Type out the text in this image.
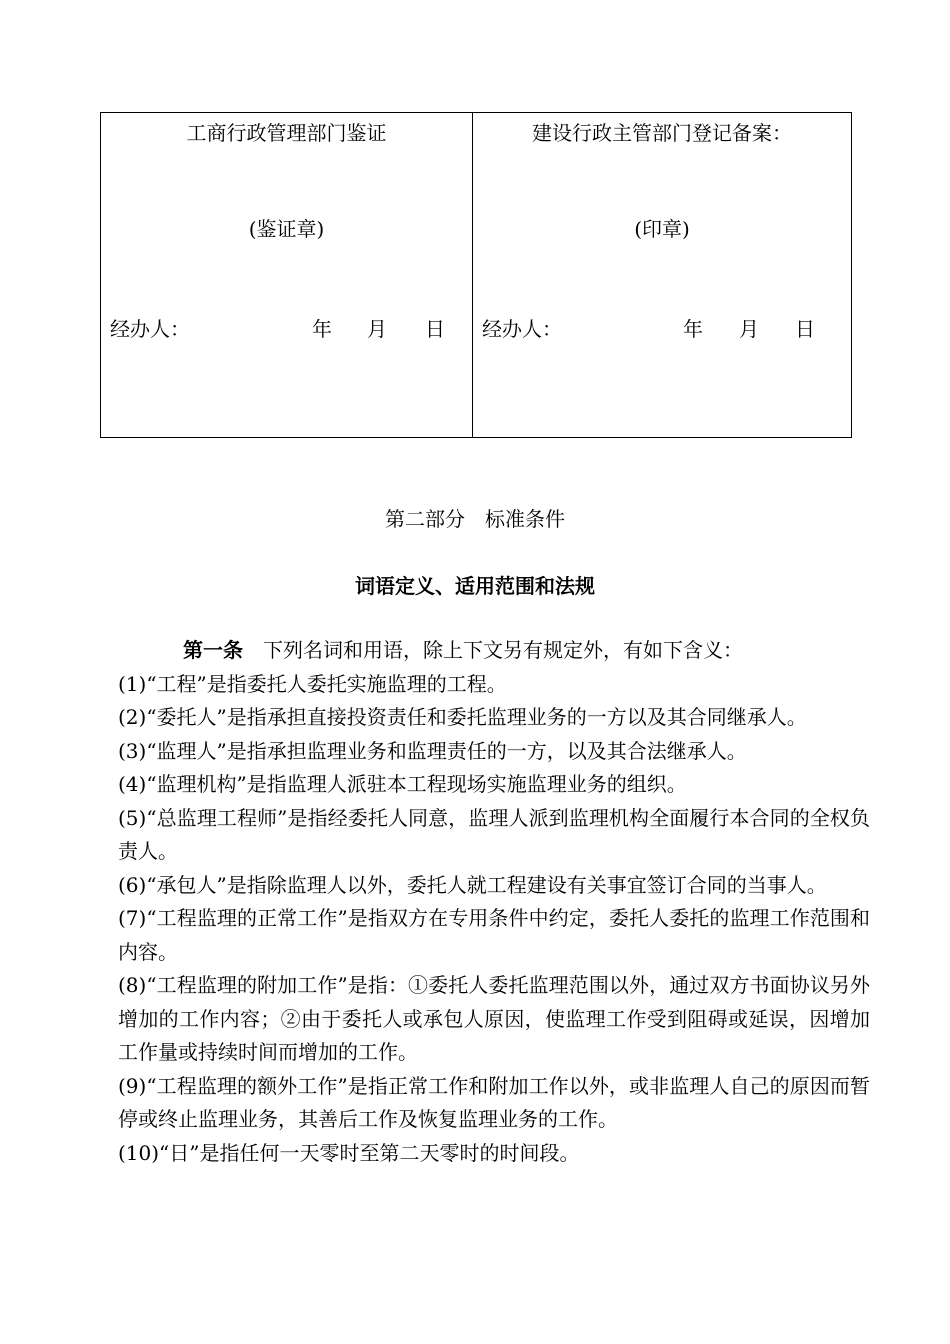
工商行政管理部门鉴证
(鉴证章)
经办人：	年 月 日
建设行政主管部门登记备案：
(印章)
经办人：	年 月 日
第二部分　标准条件
词语定义、适用范围和法规

第一条 下列名词和用语，除上下文另有规定外，有如下含义：

(1)“工程”是指委托人委托实施监理的工程。

(2)“委托人”是指承担直接投资责任和委托监理业务的一方以及其合同继承人。

(3)“监理人”是指承担监理业务和监理责任的一方，以及其合法继承人。

(4)“监理机构”是指监理人派驻本工程现场实施监理业务的组织。

(5)“总监理工程师”是指经委托人同意，监理人派到监理机构全面履行本合同的全权负责人。

(6)“承包人”是指除监理人以外，委托人就工程建设有关事宜签订合同的当事人。

(7)“工程监理的正常工作”是指双方在专用条件中约定，委托人委托的监理工作范围和内容。

(8)“工程监理的附加工作”是指：①委托人委托监理范围以外，通过双方书面协议另外增加的工作内容；②由于委托人或承包人原因，使监理工作受到阻碍或延误，因增加工作量或持续时间而增加的工作。

(9)“工程监理的额外工作”是指正常工作和附加工作以外，或非监理人自己的原因而暂停或终止监理业务，其善后工作及恢复监理业务的工作。

(10)“日”是指任何一天零时至第二天零时的时间段。
